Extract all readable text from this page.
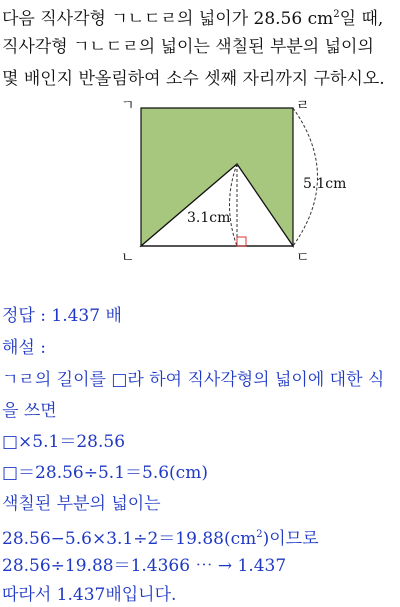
다음 직사각형 ㄱㄴㄷㄹ의 넓이가 28.56 $cm^2$일 때,
직사각형 ㄱㄴㄷㄹ의 넓이는 색칠된 부분의 넓이의
몇 배인지 반올림하여 소수 셋째 자리까지 구하시오.
ㄱ	ㄹ
ㄴ	ㄷ
5.1cm
3.1cm
정답 : 1.437 배
해설 :
ㄱㄹ의 길이를 □라 하여 직사각형의 넓이에 대한 식
을 쓰면
□×5.1＝28.56
□＝28.56÷5.1＝5.6(cm)
색칠된 부분의 넓이는
$28.56-5.6\times 3.1\div 2=19.88(cm^2)$이므로
28.56÷19.88＝1.4366 ⋯ → 1.437
따라서 1.437배입니다.
